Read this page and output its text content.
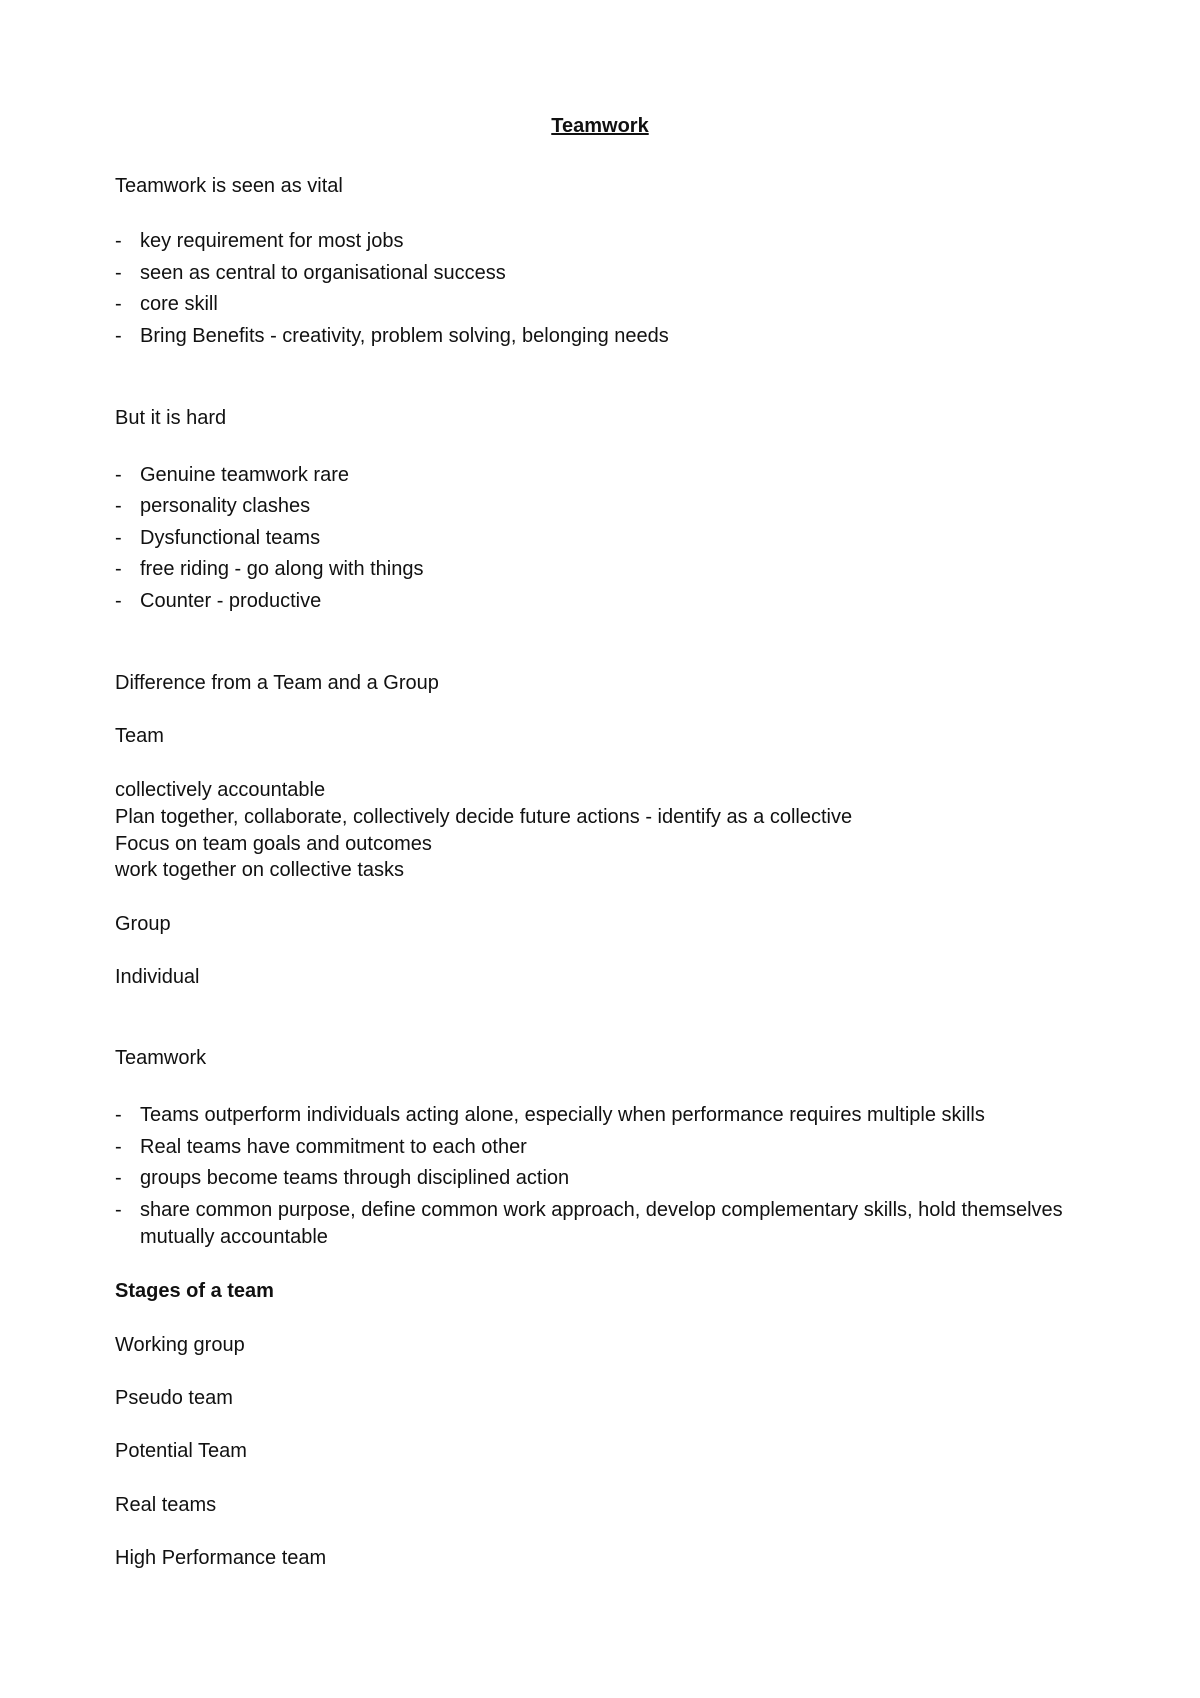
Teamwork
Teamwork is seen as vital
- key requirement for most jobs
- seen as central to organisational success
- core skill
- Bring Benefits - creativity, problem solving, belonging needs
But it is hard
- Genuine teamwork rare
- personality clashes
- Dysfunctional teams
- free riding - go along with things
- Counter - productive
Difference from a Team and a Group
Team
collectively accountable
Plan together, collaborate, collectively decide future actions - identify as a collective
Focus on team goals and outcomes
work together on collective tasks
Group
Individual
Teamwork
- Teams outperform individuals acting alone, especially when performance requires multiple skills
- Real teams have commitment to each other
- groups become teams through disciplined action
- share common purpose, define common work approach, develop complementary skills, hold themselves mutually accountable
Stages of a team
Working group
Pseudo team
Potential Team
Real teams
High Performance team
